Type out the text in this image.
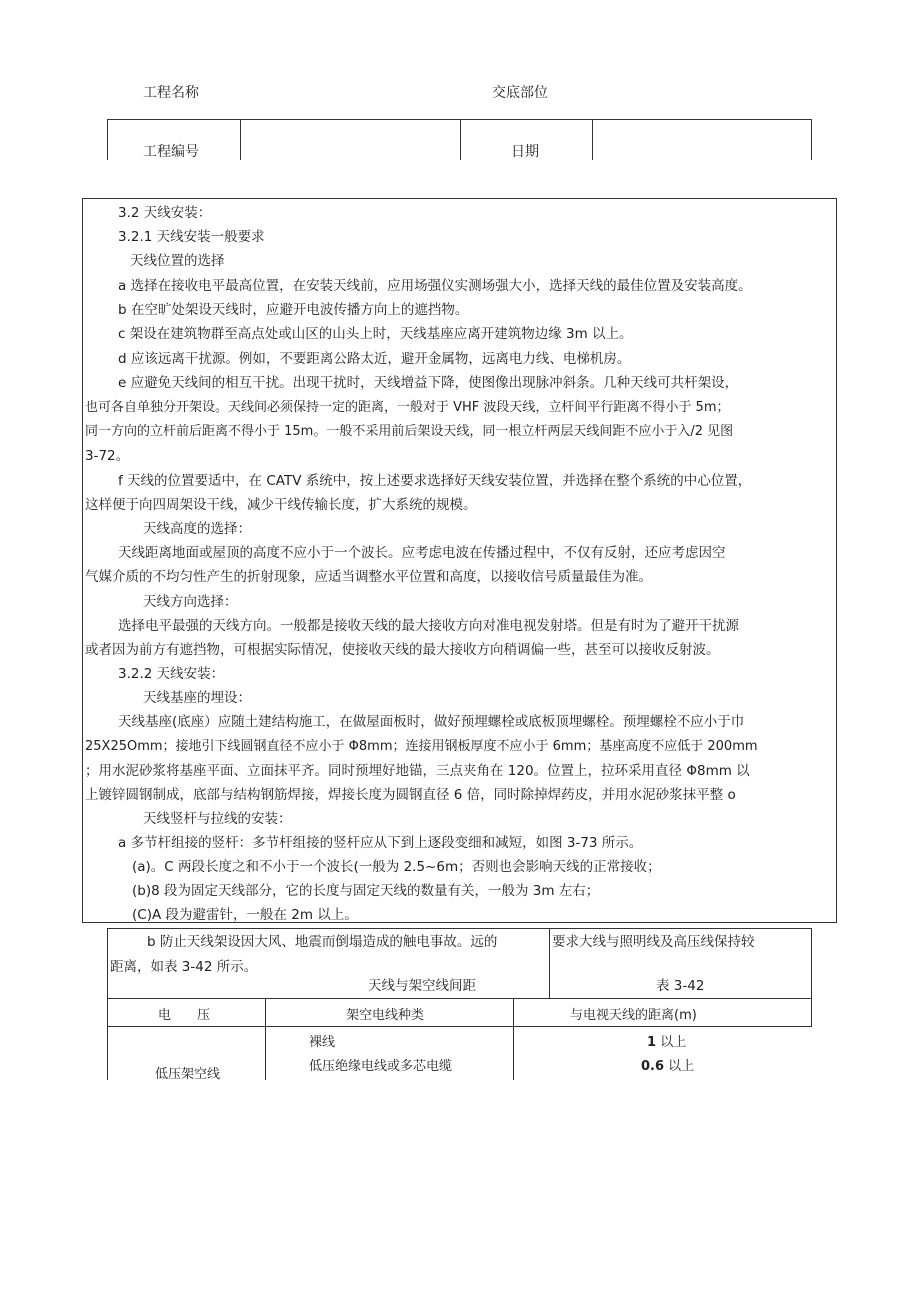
工程名称	交底部位
工程编号	日期
3.2 天线安装：
3.2.1 天线安装一般要求
天线位置的选择
a 选择在接收电平最高位置，在安装天线前，应用场强仪实测场强大小，选择天线的最佳位置及安装高度。
b 在空旷处架设天线时，应避开电波传播方向上的遮挡物。
c 架设在建筑物群至高点处或山区的山头上时，天线基座应离开建筑物边缘 3m 以上。
d 应该远离干扰源。例如，不要距离公路太近，避开金属物，远离电力线、电梯机房。
e 应避免天线间的相互干扰。出现干扰时，天线增益下降，使图像出现脉冲斜条。几种天线可共杆架设，
也可各自单独分开架设。天线间必须保持一定的距离，一般对于 VHF 波段天线，立杆间平行距离不得小于 5m；
同一方向的立杆前后距离不得小于 15m。一般不采用前后架设天线，同一根立杆两层天线间距不应小于入/2 见图
3-72。
f 天线的位置要适中，在 CATV 系统中，按上述要求选择好天线安装位置，并选择在整个系统的中心位置，
这样便于向四周架设干线，减少干线传输长度，扩大系统的规模。
天线高度的选择：
天线距离地面或屋顶的高度不应小于一个波长。应考虑电波在传播过程中，不仅有反射，还应考虑因空
气媒介质的不均匀性产生的折射现象，应适当调整水平位置和高度，以接收信号质量最佳为准。
天线方向选择：
选择电平最强的天线方向。一般都是接收天线的最大接收方向对准电视发射塔。但是有时为了避开干扰源
或者因为前方有遮挡物，可根据实际情况，使接收天线的最大接收方向稍调偏一些，甚至可以接收反射波。
3.2.2 天线安装：
天线基座的埋设：
天线基座(底座）应随土建结构施工，在做屋面板时，做好预埋螺栓或底板顶埋螺栓。预埋螺栓不应小于巾
25X25Omm；接地引下线圆钢直径不应小于 Φ8mm；连接用钢板厚度不应小于 6mm；基座高度不应低于 200mm
；用水泥砂浆将基座平面、立面抹平齐。同时预埋好地锚，三点夹角在 120。位置上，拉环采用直径 Φ8mm 以
上镀锌圆钢制成，底部与结构钢筋焊接，焊接长度为圆钢直径 6 倍，同时除掉焊药皮，并用水泥砂浆抹平整 o
天线竖杆与拉线的安装：
a 多节杆组接的竖杆：多节杆组接的竖杆应从下到上逐段变细和减短，如图 3-73 所示。
(a)。C 两段长度之和不小于一个波长(一般为 2.5~6m；否则也会影响天线的正常接收；
(b)8 段为固定天线部分，它的长度与固定天线的数量有关，一般为 3m 左右；
(C)A 段为避雷针，一般在 2m 以上。
b 防止天线架设因大风、地震而倒塌造成的触电事故。远的
距离，如表 3-42 所示。
要求大线与照明线及高压线保持较
天线与架空线间距	表 3-42
电　　压	架空电线种类	与电视天线的距离(m)
低压架空线
裸线	1 以上
低压绝缘电线或多芯电缆	0.6 以上
